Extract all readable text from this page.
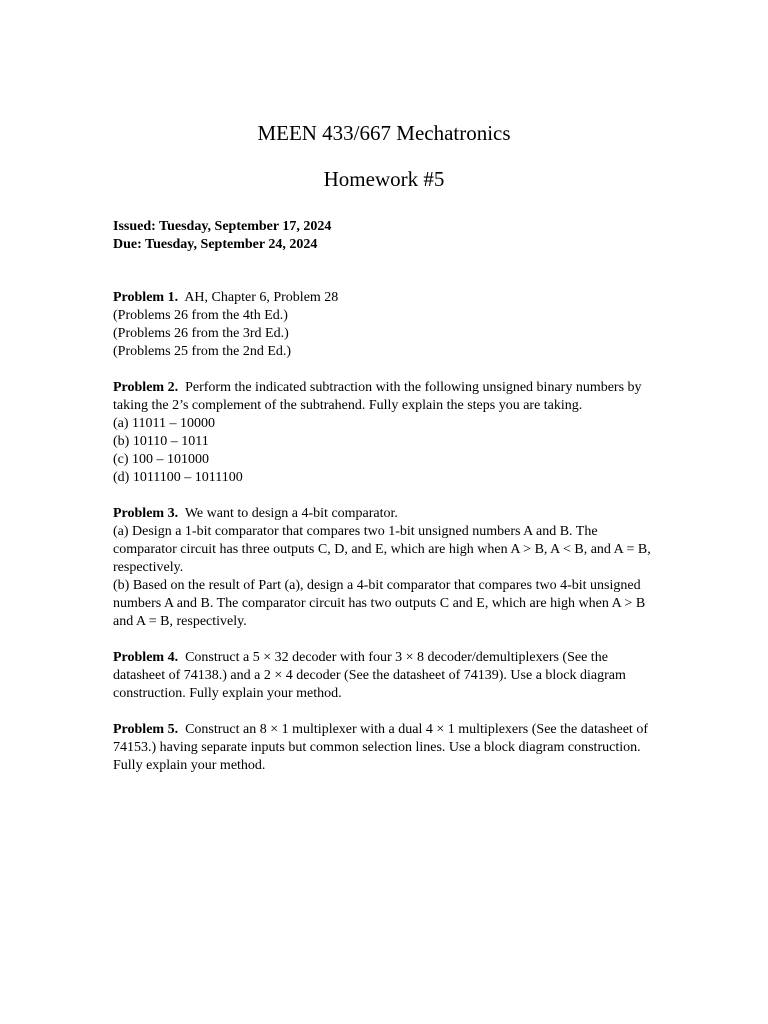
MEEN 433/667 Mechatronics
Homework #5
Issued: Tuesday, September 17, 2024
Due: Tuesday, September 24, 2024
Problem 1. AH, Chapter 6, Problem 28
(Problems 26 from the 4th Ed.)
(Problems 26 from the 3rd Ed.)
(Problems 25 from the 2nd Ed.)
Problem 2. Perform the indicated subtraction with the following unsigned binary numbers by taking the 2’s complement of the subtrahend. Fully explain the steps you are taking.
(a) 11011 – 10000
(b) 10110 – 1011
(c) 100 – 101000
(d) 1011100 – 1011100
Problem 3. We want to design a 4-bit comparator.
(a) Design a 1-bit comparator that compares two 1-bit unsigned numbers A and B. The comparator circuit has three outputs C, D, and E, which are high when A > B, A < B, and A = B, respectively.
(b) Based on the result of Part (a), design a 4-bit comparator that compares two 4-bit unsigned numbers A and B. The comparator circuit has two outputs C and E, which are high when A > B and A = B, respectively.
Problem 4. Construct a 5 × 32 decoder with four 3 × 8 decoder/demultiplexers (See the datasheet of 74138.) and a 2 × 4 decoder (See the datasheet of 74139). Use a block diagram construction. Fully explain your method.
Problem 5. Construct an 8 × 1 multiplexer with a dual 4 × 1 multiplexers (See the datasheet of 74153.) having separate inputs but common selection lines. Use a block diagram construction. Fully explain your method.
